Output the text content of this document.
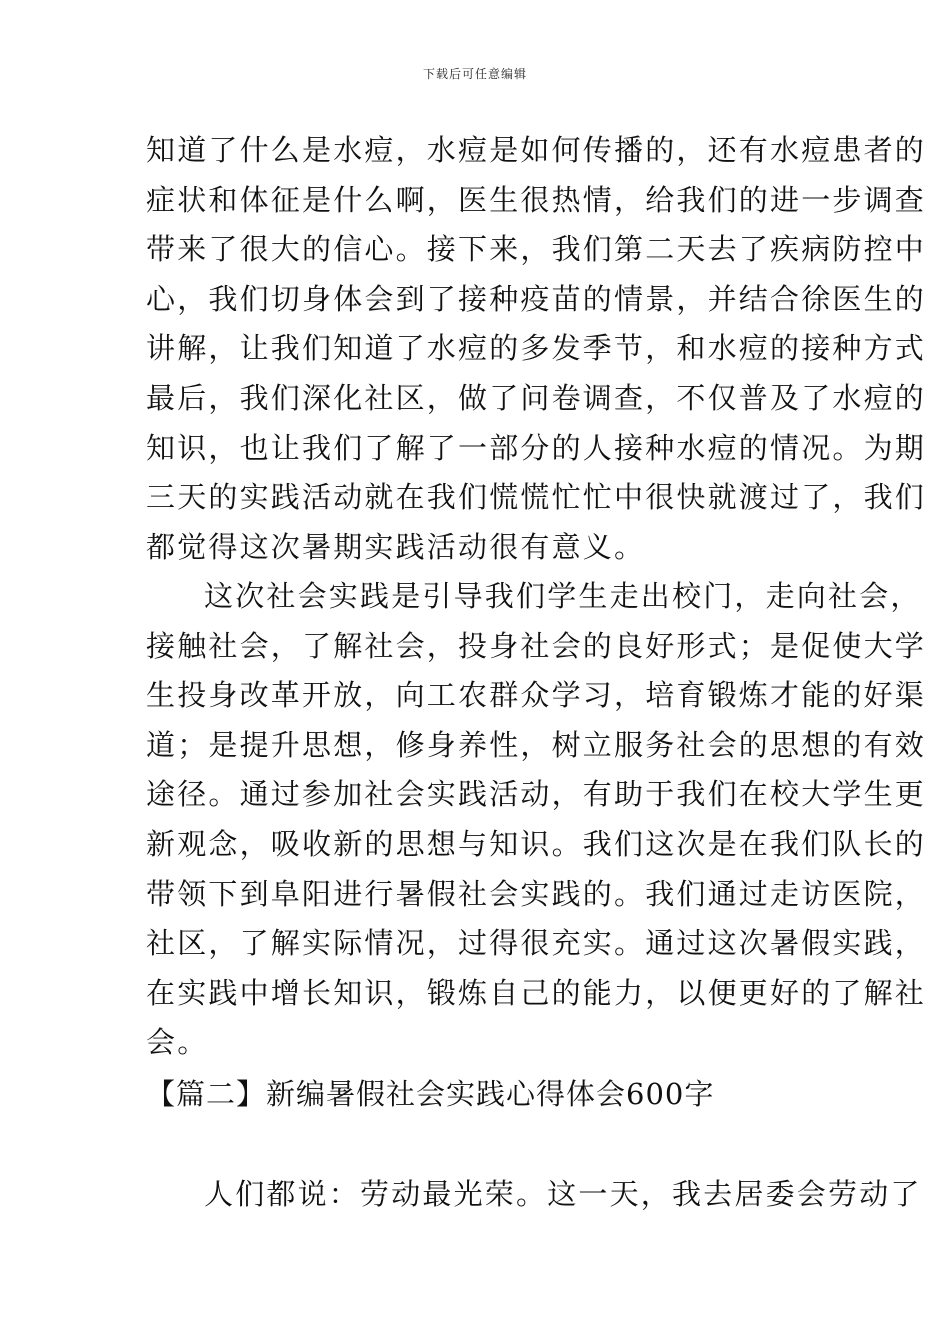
下载后可任意编辑
知道了什么是水痘，水痘是如何传播的，还有水痘患者的
症状和体征是什么啊，医生很热情，给我们的进一步调查
带来了很大的信心。接下来，我们第二天去了疾病防控中
心，我们切身体会到了接种疫苗的情景，并结合徐医生的
讲解，让我们知道了水痘的多发季节，和水痘的接种方式
最后，我们深化社区，做了问卷调查，不仅普及了水痘的
知识，也让我们了解了一部分的人接种水痘的情况。为期
三天的实践活动就在我们慌慌忙忙中很快就渡过了，我们
都觉得这次暑期实践活动很有意义。
这次社会实践是引导我们学生走出校门，走向社会，
接触社会，了解社会，投身社会的良好形式；是促使大学
生投身改革开放，向工农群众学习，培育锻炼才能的好渠
道；是提升思想，修身养性，树立服务社会的思想的有效
途径。通过参加社会实践活动，有助于我们在校大学生更
新观念，吸收新的思想与知识。我们这次是在我们队长的
带领下到阜阳进行暑假社会实践的。我们通过走访医院，
社区，了解实际情况，过得很充实。通过这次暑假实践，
在实践中增长知识，锻炼自己的能力，以便更好的了解社
会。
【篇二】新编暑假社会实践心得体会600字
人们都说：劳动最光荣。这一天，我去居委会劳动了
